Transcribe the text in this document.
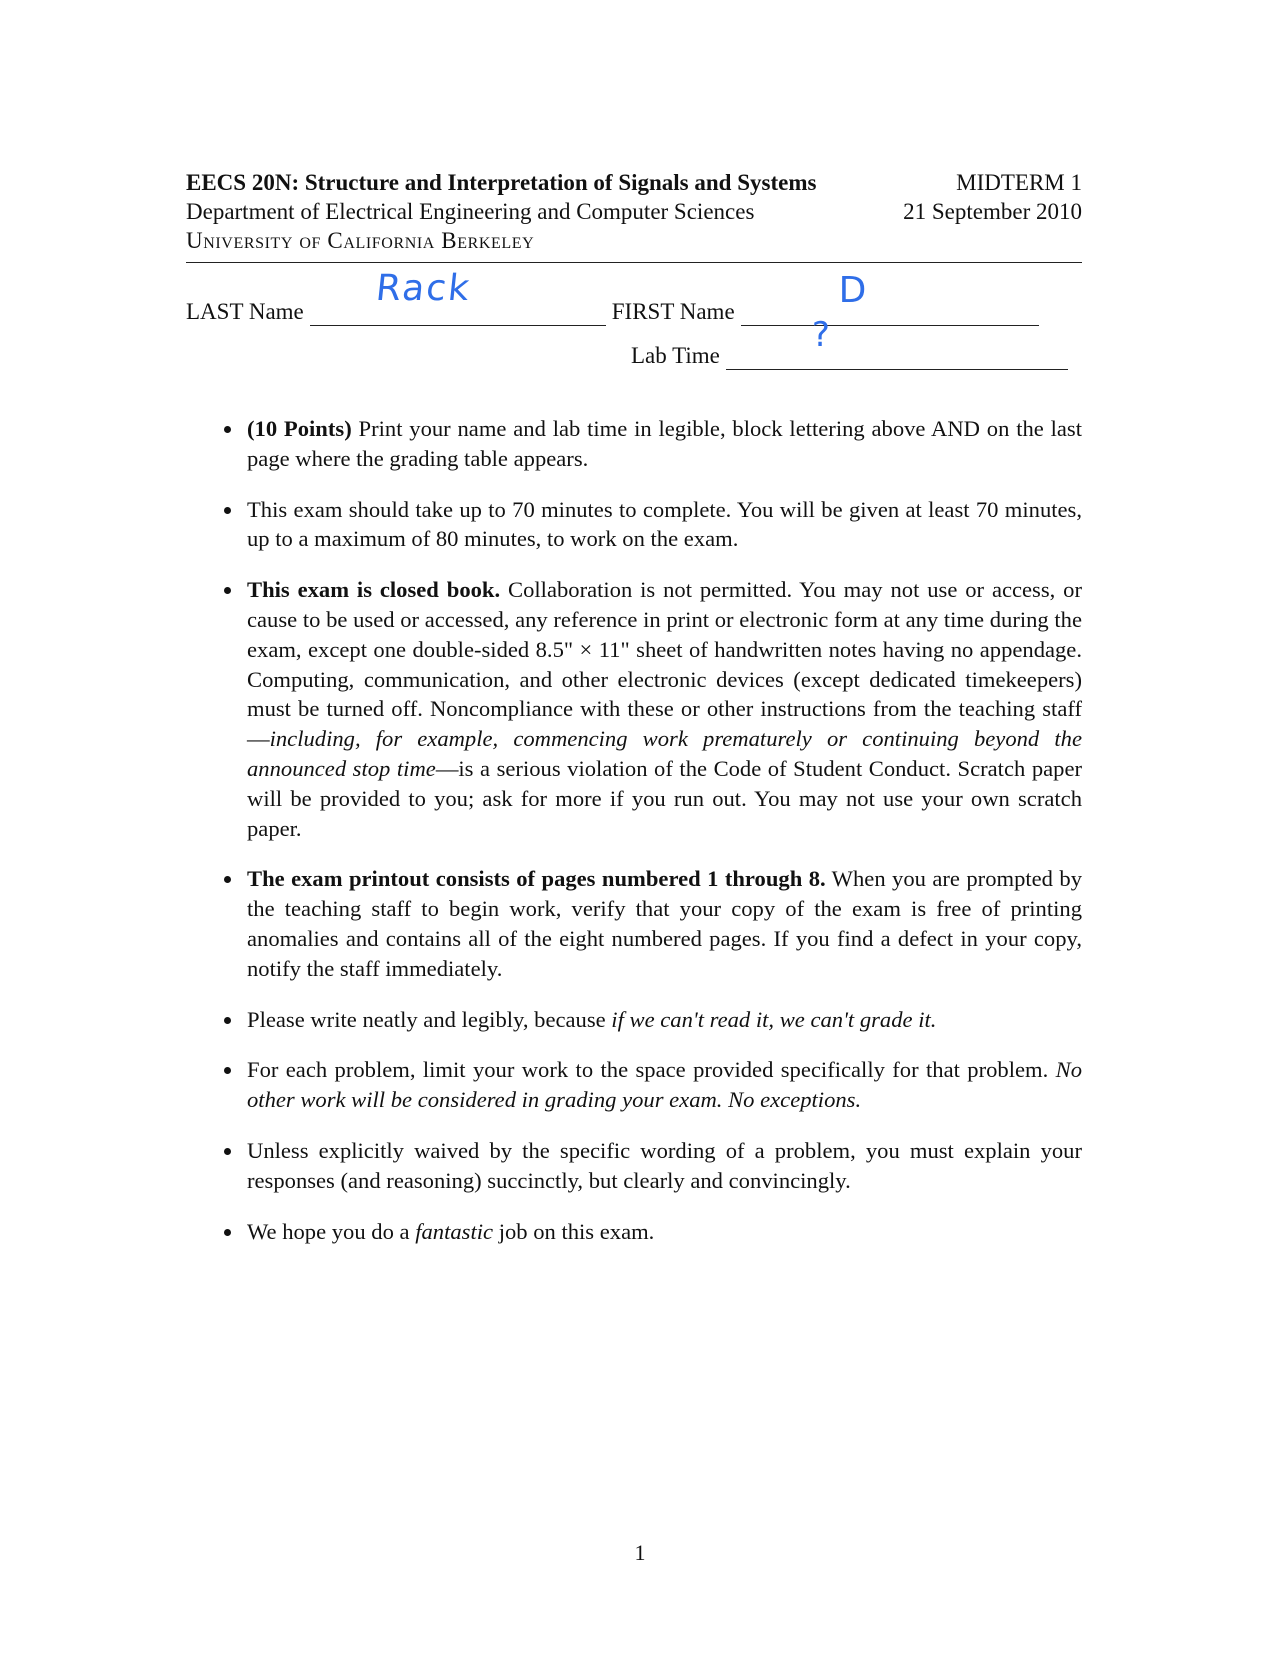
EECS 20N: Structure and Interpretation of Signals and Systems	MIDTERM 1
Department of Electrical Engineering and Computer Sciences	21 September 2010
University of California Berkeley
LAST Name
Rack
FIRST Name
D
Lab Time
?
(10 Points) Print your name and lab time in legible, block lettering above AND on the last page where the grading table appears.
This exam should take up to 70 minutes to complete. You will be given at least 70 minutes, up to a maximum of 80 minutes, to work on the exam.
This exam is closed book. Collaboration is not permitted. You may not use or access, or cause to be used or accessed, any reference in print or electronic form at any time during the exam, except one double-sided 8.5" × 11" sheet of handwritten notes having no appendage. Computing, communication, and other electronic devices (except dedicated timekeepers) must be turned off. Noncompliance with these or other instructions from the teaching staff—including, for example, commencing work prematurely or continuing beyond the announced stop time—is a serious violation of the Code of Student Conduct. Scratch paper will be provided to you; ask for more if you run out. You may not use your own scratch paper.
The exam printout consists of pages numbered 1 through 8. When you are prompted by the teaching staff to begin work, verify that your copy of the exam is free of printing anomalies and contains all of the eight numbered pages. If you find a defect in your copy, notify the staff immediately.
Please write neatly and legibly, because if we can't read it, we can't grade it.
For each problem, limit your work to the space provided specifically for that problem. No other work will be considered in grading your exam. No exceptions.
Unless explicitly waived by the specific wording of a problem, you must explain your responses (and reasoning) succinctly, but clearly and convincingly.
We hope you do a fantastic job on this exam.
1
